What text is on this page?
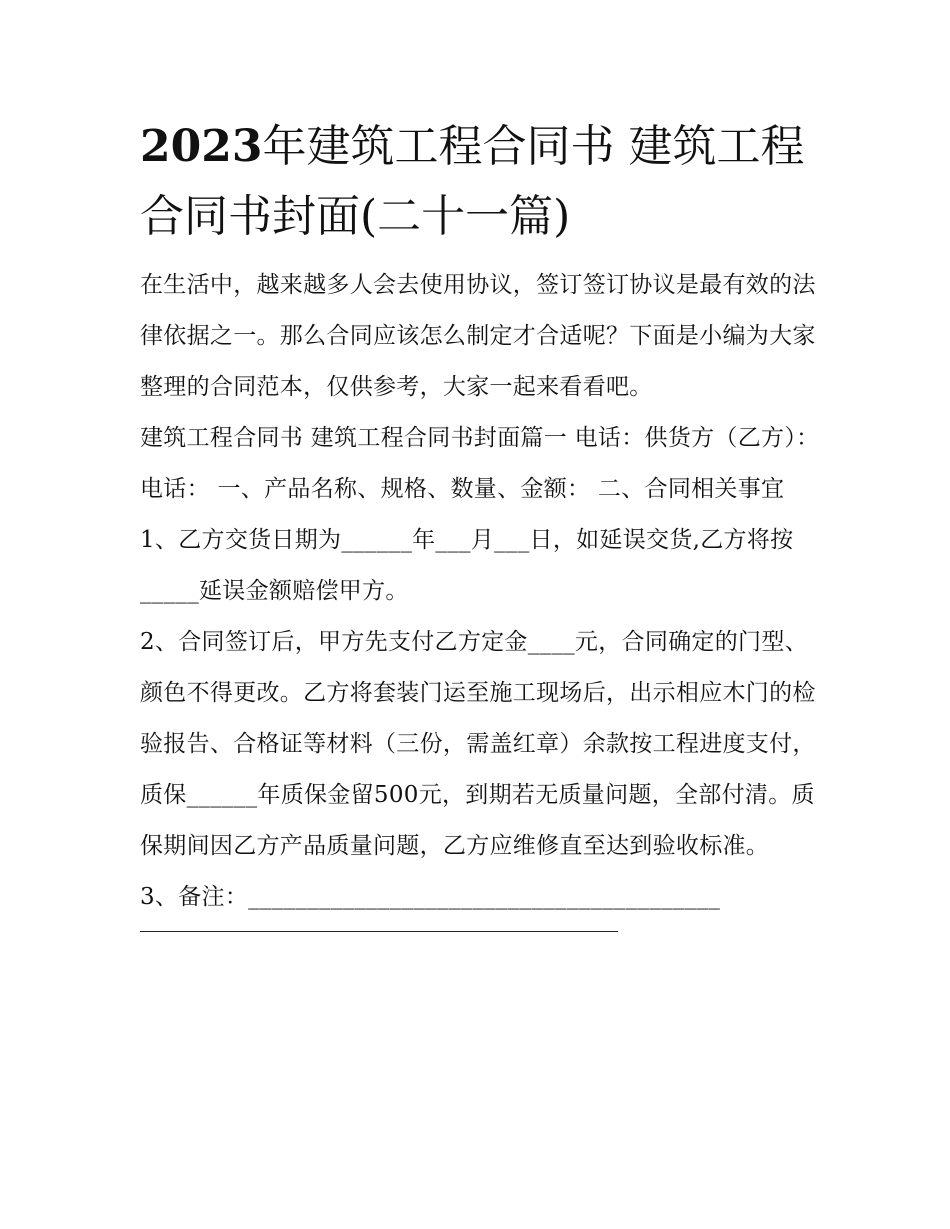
2023年建筑工程合同书 建筑工程合同书封面(二十一篇)

在生活中，越来越多人会去使用协议，签订签订协议是最有效的法律依据之一。那么合同应该怎么制定才合适呢？下面是小编为大家整理的合同范本，仅供参考，大家一起来看看吧。

建筑工程合同书 建筑工程合同书封面篇一 电话：供货方（乙方）： 电话： 一、产品名称、规格、数量、金额： 二、合同相关事宜

1、乙方交货日期为______年___月___日，如延误交货,乙方将按_____延误金额赔偿甲方。

2、合同签订后，甲方先支付乙方定金____元，合同确定的门型、颜色不得更改。乙方将套装门运至施工现场后，出示相应木门的检验报告、合格证等材料（三份，需盖红章）余款按工程进度支付，质保______年质保金留500元，到期若无质量问题，全部付清。质保期间因乙方产品质量问题，乙方应维修直至达到验收标准。

3、备注：________________________________________
